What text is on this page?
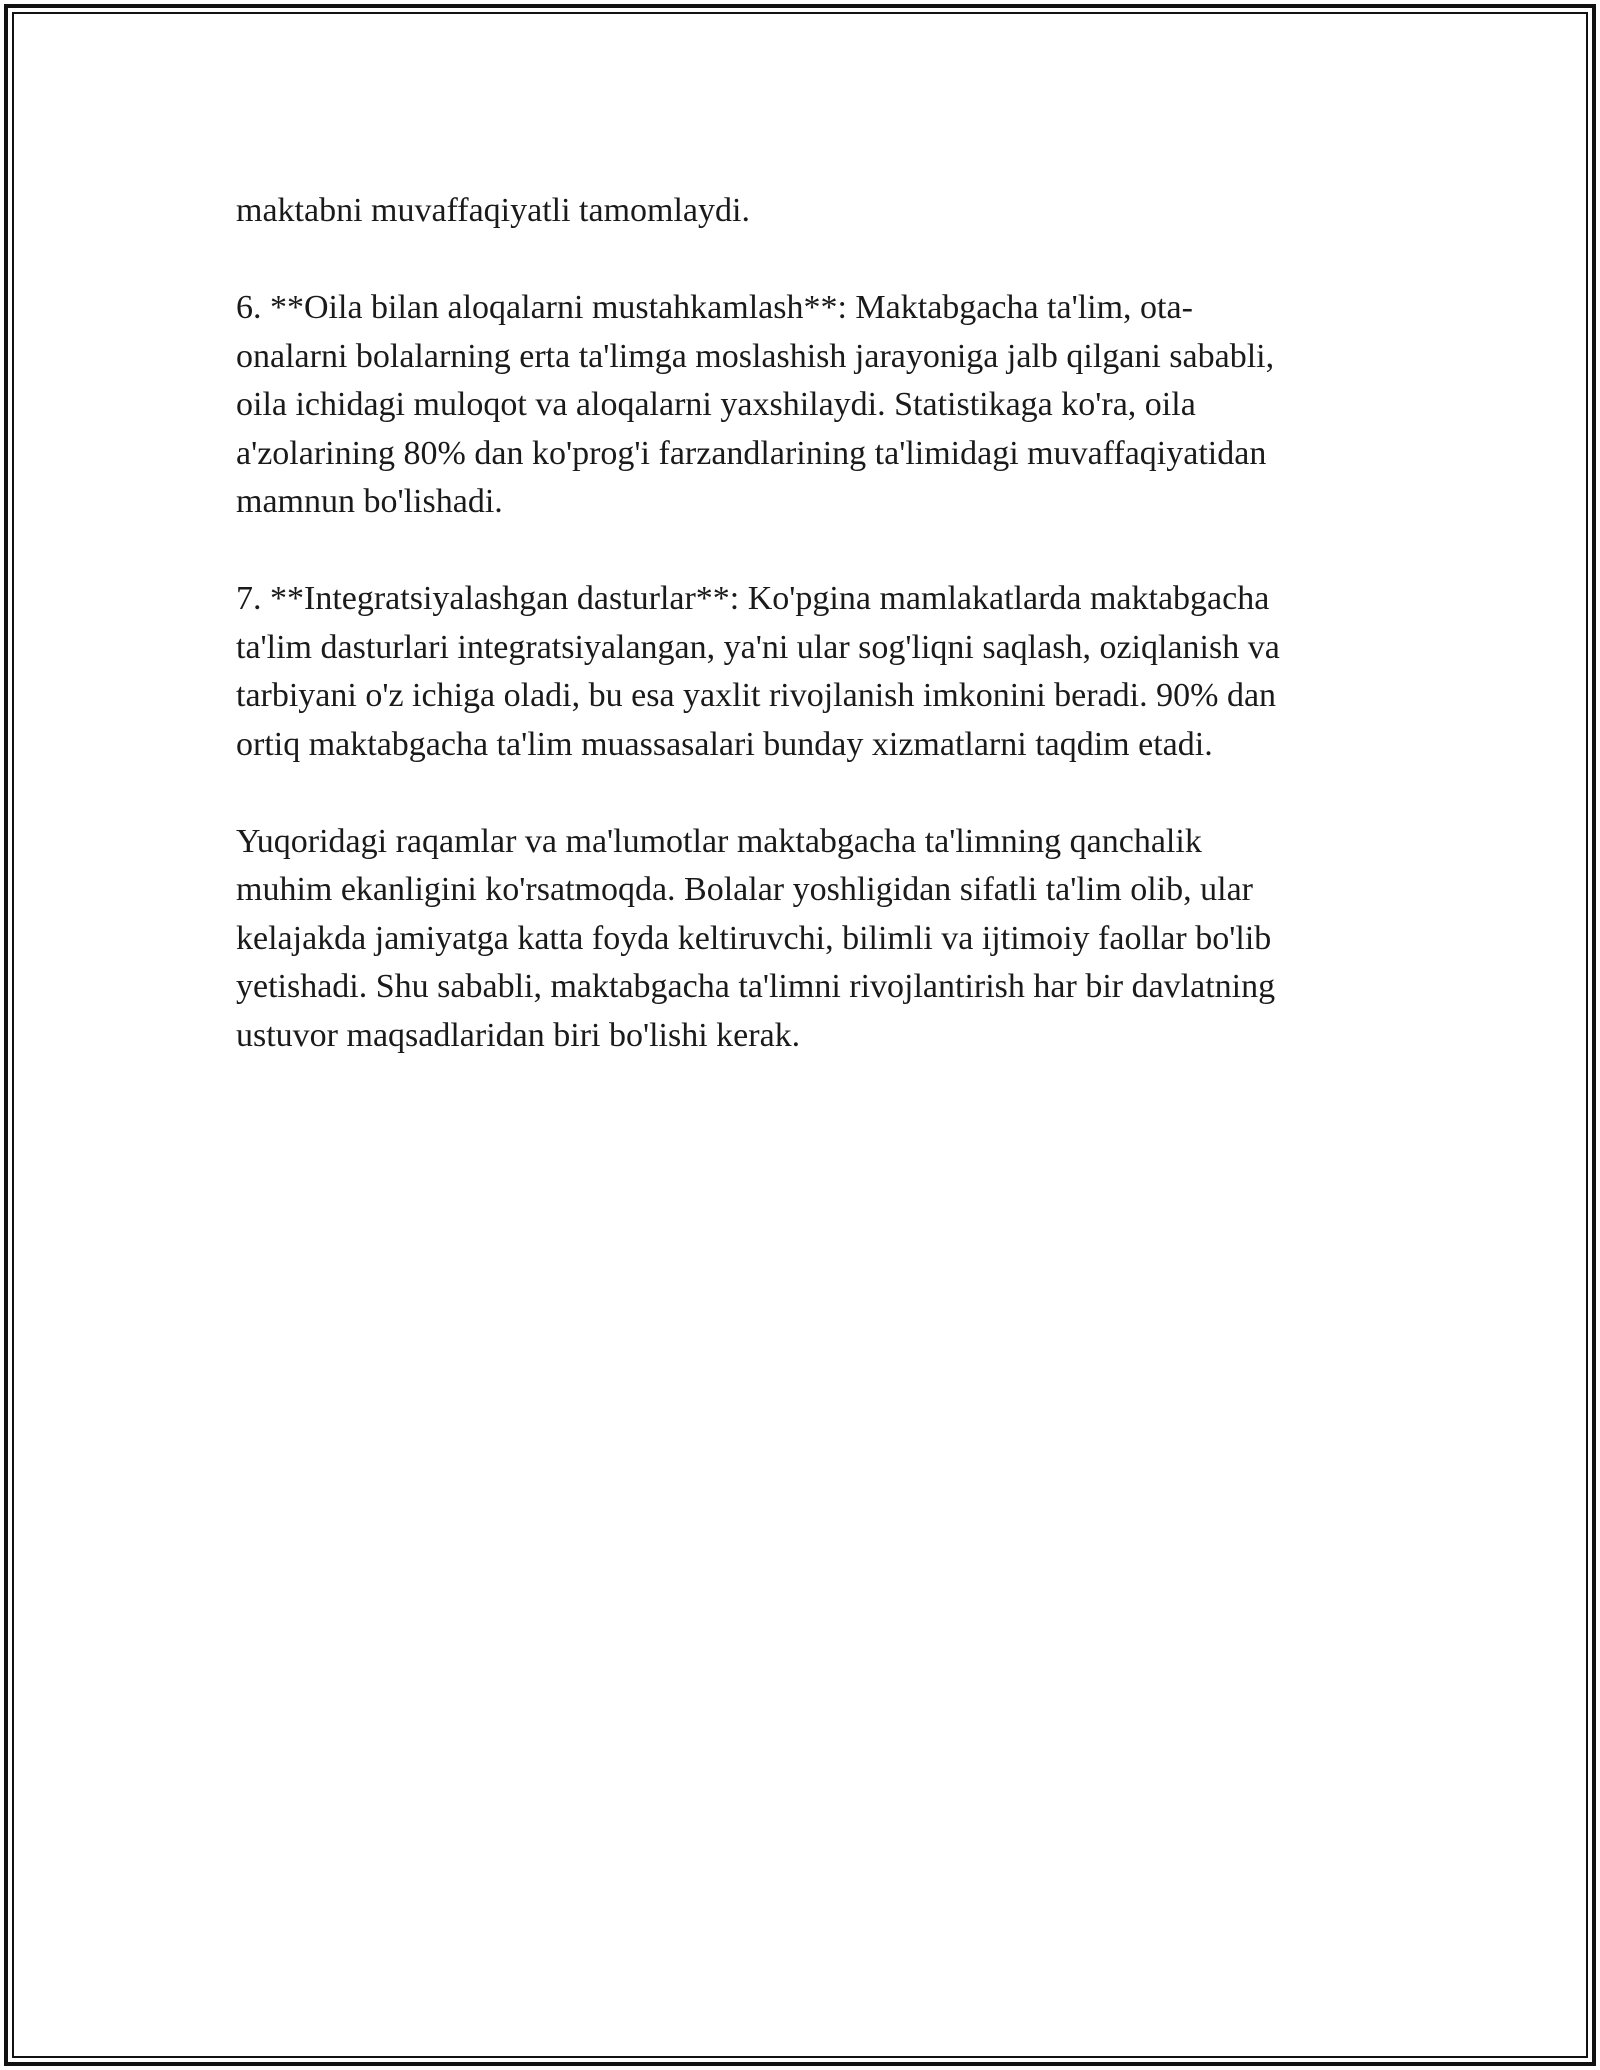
maktabni muvaffaqiyatli tamomlaydi.

6. **Oila bilan aloqalarni mustahkamlash**: Maktabgacha ta'lim, ota-
onalarni bolalarning erta ta'limga moslashish jarayoniga jalb qilgani sababli,
oila ichidagi muloqot va aloqalarni yaxshilaydi. Statistikaga ko'ra, oila
a'zolarining 80% dan ko'prog'i farzandlarining ta'limidagi muvaffaqiyatidan
mamnun bo'lishadi.

7. **Integratsiyalashgan dasturlar**: Ko'pgina mamlakatlarda maktabgacha
ta'lim dasturlari integratsiyalangan, ya'ni ular sog'liqni saqlash, oziqlanish va
tarbiyani o'z ichiga oladi, bu esa yaxlit rivojlanish imkonini beradi. 90% dan
ortiq maktabgacha ta'lim muassasalari bunday xizmatlarni taqdim etadi.

Yuqoridagi raqamlar va ma'lumotlar maktabgacha ta'limning qanchalik
muhim ekanligini ko'rsatmoqda. Bolalar yoshligidan sifatli ta'lim olib, ular
kelajakda jamiyatga katta foyda keltiruvchi, bilimli va ijtimoiy faollar bo'lib
yetishadi. Shu sababli, maktabgacha ta'limni rivojlantirish har bir davlatning
ustuvor maqsadlaridan biri bo'lishi kerak.
